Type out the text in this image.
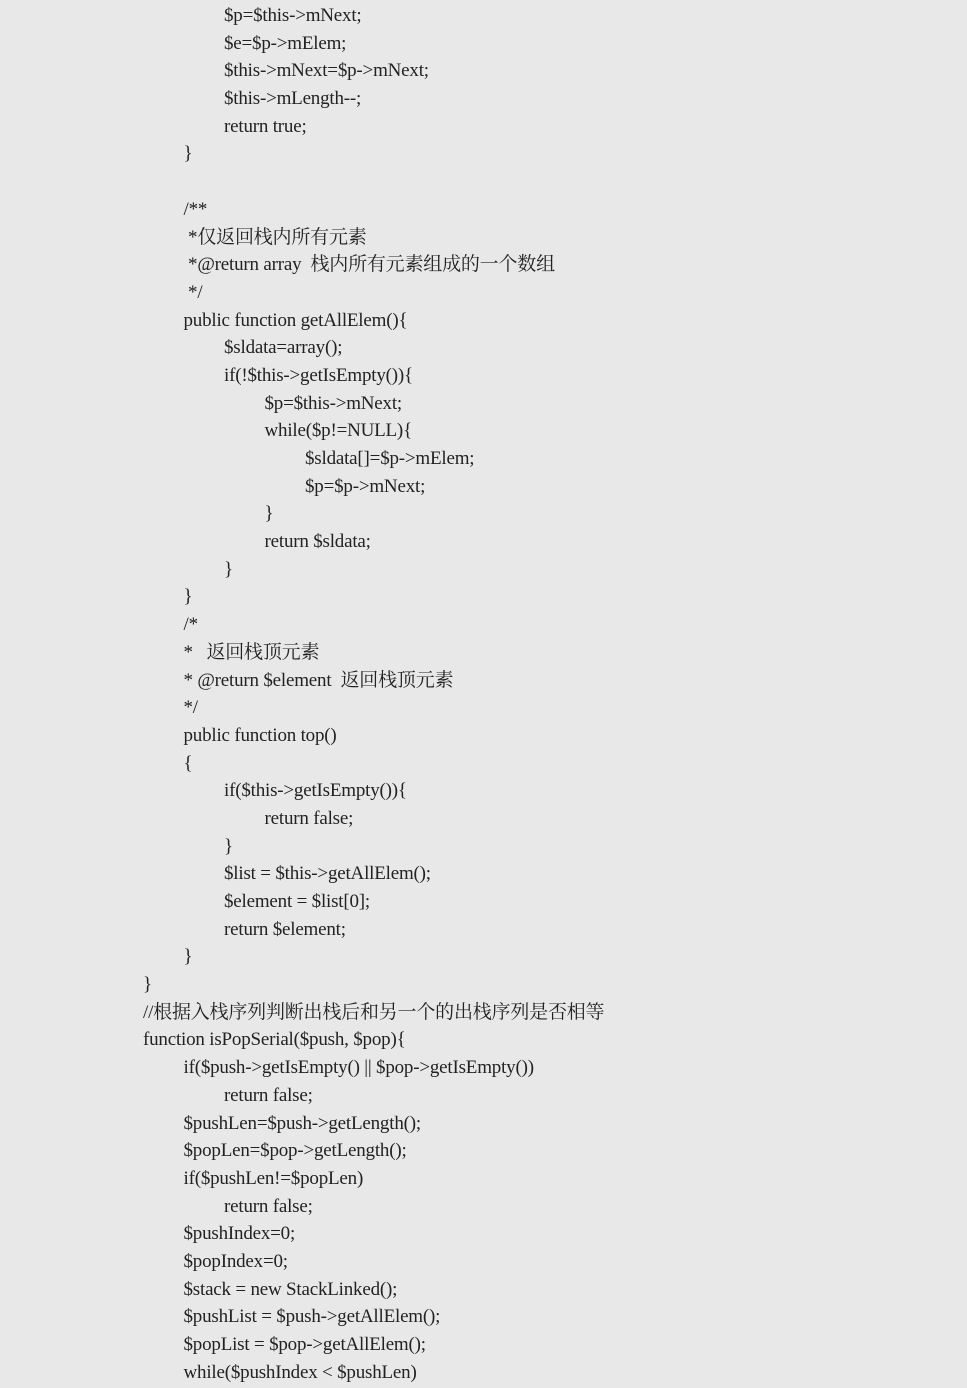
$p=$this->mNext;
$e=$p->mElem;
$this->mNext=$p->mNext;
$this->mLength--;
return true;
}
/**
*仅返回栈内所有元素
*@return array  栈内所有元素组成的一个数组
*/
public function getAllElem(){
$sldata=array();
if(!$this->getIsEmpty()){
$p=$this->mNext;
while($p!=NULL){
$sldata[]=$p->mElem;
$p=$p->mNext;
}
return $sldata;
}
}
/*
*   返回栈顶元素
* @return $element  返回栈顶元素
*/
public function top()
{
if($this->getIsEmpty()){
return false;
}
$list = $this->getAllElem();
$element = $list[0];
return $element;
}
}
//根据入栈序列判断出栈后和另一个的出栈序列是否相等
function isPopSerial($push, $pop){
if($push->getIsEmpty() || $pop->getIsEmpty())
return false;
$pushLen=$push->getLength();
$popLen=$pop->getLength();
if($pushLen!=$popLen)
return false;
$pushIndex=0;
$popIndex=0;
$stack = new StackLinked();
$pushList = $push->getAllElem();
$popList = $pop->getAllElem();
while($pushIndex < $pushLen)
